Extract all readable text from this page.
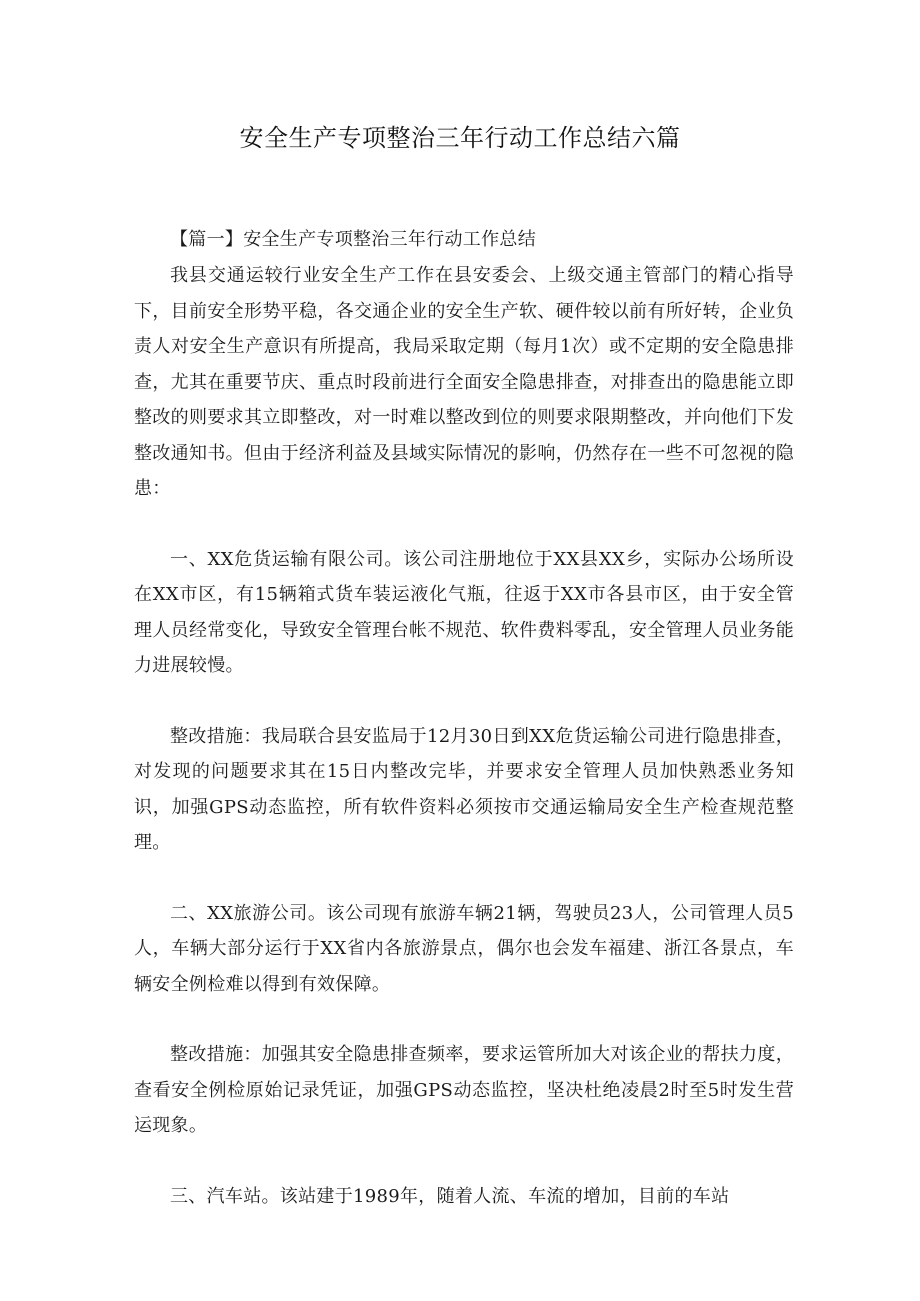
安全生产专项整治三年行动工作总结六篇

【篇一】安全生产专项整治三年行动工作总结

我县交通运较行业安全生产工作在县安委会、上级交通主管部门的精心指导下，目前安全形势平稳，各交通企业的安全生产软、硬件较以前有所好转，企业负责人对安全生产意识有所提高，我局采取定期（每月1次）或不定期的安全隐患排查，尤其在重要节庆、重点时段前进行全面安全隐患排查，对排查出的隐患能立即整改的则要求其立即整改，对一时难以整改到位的则要求限期整改，并向他们下发整改通知书。但由于经济利益及县域实际情况的影响，仍然存在一些不可忽视的隐患：

一、XX危货运输有限公司。该公司注册地位于XX县XX乡，实际办公场所设在XX市区，有15辆箱式货车装运液化气瓶，往返于XX市各县市区，由于安全管理人员经常变化，导致安全管理台帐不规范、软件费料零乱，安全管理人员业务能力进展较慢。

整改措施：我局联合县安监局于12月30日到XX危货运输公司进行隐患排查，对发现的问题要求其在15日内整改完毕，并要求安全管理人员加快熟悉业务知识，加强GPS动态监控，所有软件资料必须按市交通运输局安全生产检查规范整理。

二、XX旅游公司。该公司现有旅游车辆21辆，驾驶员23人，公司管理人员5人，车辆大部分运行于XX省内各旅游景点，偶尔也会发车福建、浙江各景点，车辆安全例检难以得到有效保障。

整改措施：加强其安全隐患排查频率，要求运管所加大对该企业的帮扶力度，查看安全例检原始记录凭证，加强GPS动态监控，坚决杜绝凌晨2时至5时发生营运现象。

三、汽车站。该站建于1989年，随着人流、车流的增加，目前的车站
